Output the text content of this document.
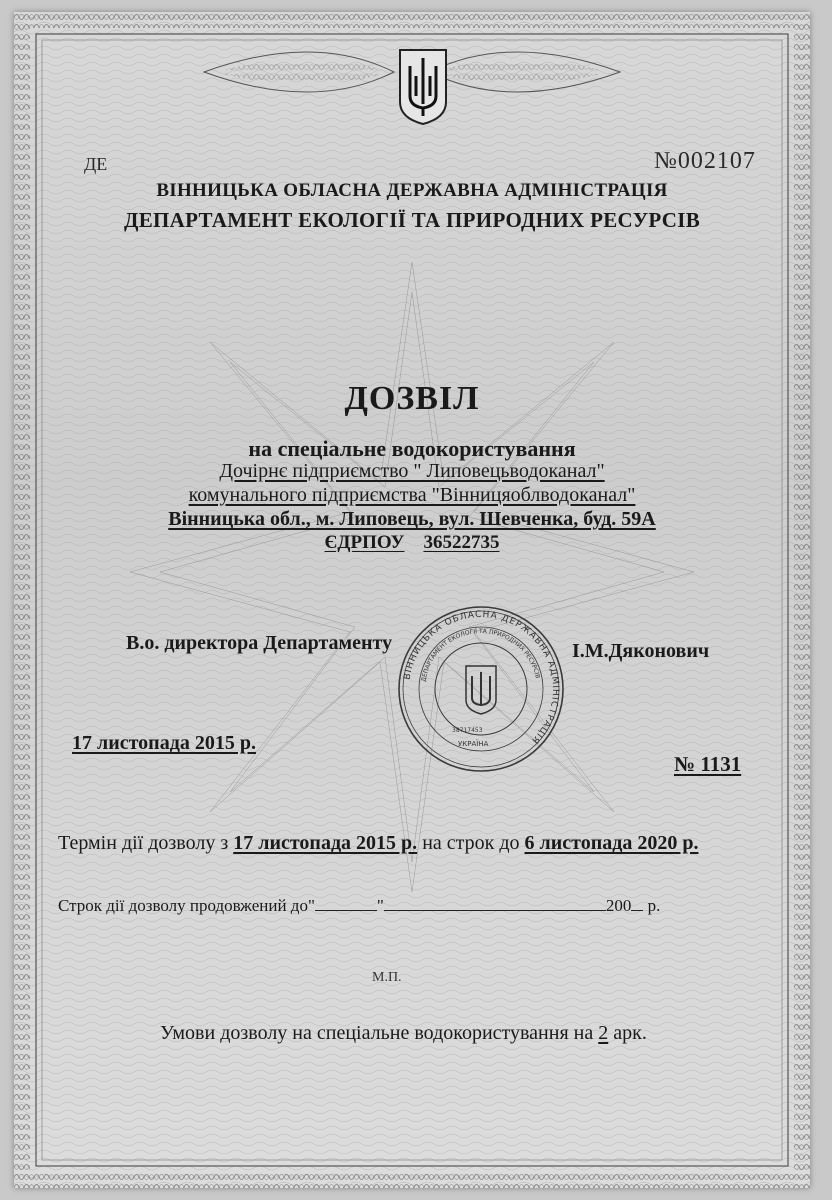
ДЕ	№002107
ВІННИЦЬКА ОБЛАСНА ДЕРЖАВНА АДМІНІСТРАЦІЯ
ДЕПАРТАМЕНТ ЕКОЛОГІЇ ТА ПРИРОДНИХ РЕСУРСІВ
ДОЗВІЛ
на спеціальне водокористування
Дочірнє підприємство " Липовецьводоканал"
комунального підприємства "Вінницяоблводоканал"
Вінницька обл., м. Липовець, вул. Шевченка, буд. 59А
ЄДРПОУ 36522735
В.о. директора Департаменту	І.М.Дяконович
ВІННИЦЬКА ОБЛАСНА ДЕРЖАВНА АДМІНІСТРАЦІЯ
ДЕПАРТАМЕНТ ЕКОЛОГІЇ ТА ПРИРОДНИХ РЕСУРСІВ
УКРАЇНА
38717453
17 листопада 2015 р.
№ 1131
Термін дії дозволу з 17 листопада 2015 р. на строк до 6 листопада 2020 р.
Строк дії дозволу продовжений до"	"	200 р.
М.П.
Умови дозволу на спеціальне водокористування на 2 арк.
